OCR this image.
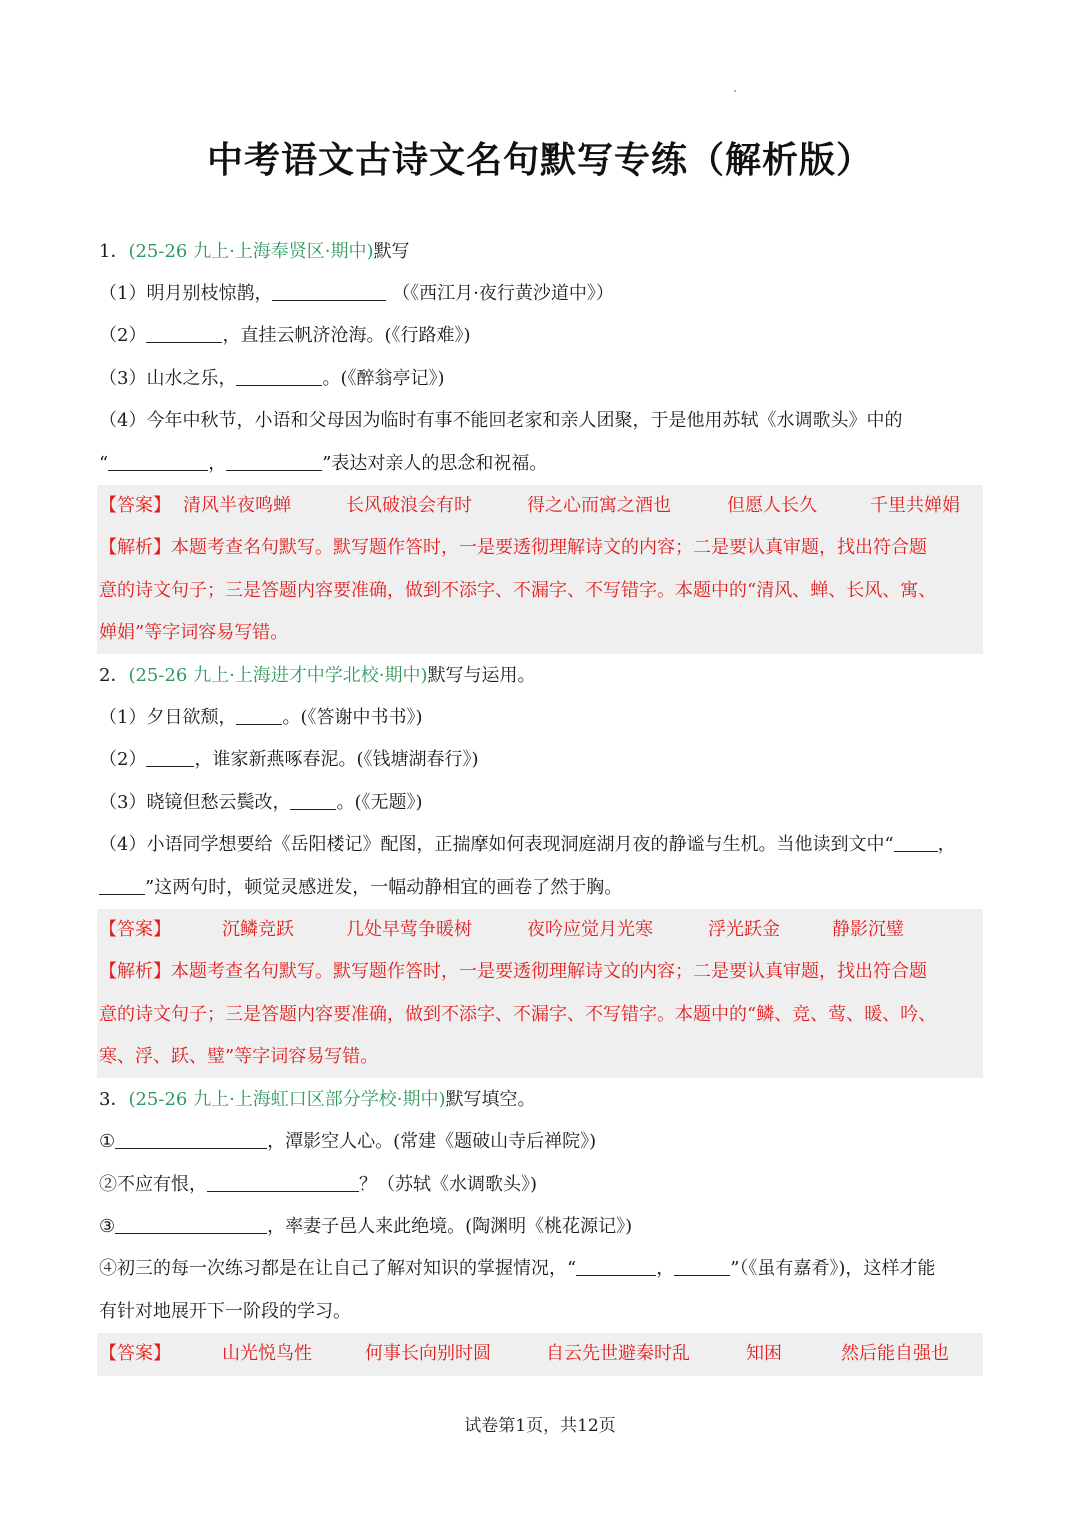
中考语文古诗文名句默写专练（解析版）
1．(25-26 九上·上海奉贤区·期中)默写
（1）明月别枝惊鹊，	（《西江月·夜行黄沙道中》）
（2）	，直挂云帆济沧海。(《行路难》)
（3）山水之乐，	。(《醉翁亭记》)
（4）今年中秋节，小语和父母因为临时有事不能回老家和亲人团聚，于是他用苏轼《水调歌头》中的
“	，	”表达对亲人的思念和祝福。
【答案】 清风半夜鸣蝉	长风破浪会有时	得之心而寓之酒也	但愿人长久	千里共婵娟
【解析】本题考查名句默写。默写题作答时，一是要透彻理解诗文的内容；二是要认真审题，找出符合题
意的诗文句子；三是答题内容要准确，做到不添字、不漏字、不写错字。本题中的“清风、蝉、长风、寓、
婵娟”等字词容易写错。
2．(25-26 九上·上海进才中学北校·期中)默写与运用。
（1）夕日欲颓，	。(《答谢中书书》)
（2）	，谁家新燕啄春泥。(《钱塘湖春行》)
（3）晓镜但愁云鬓改，	。(《无题》)
（4）小语同学想要给《岳阳楼记》配图，正揣摩如何表现洞庭湖月夜的静谧与生机。当他读到文中“ ，
”这两句时，顿觉灵感迸发，一幅动静相宜的画卷了然于胸。
【答案】	沉鳞竞跃	几处早莺争暖树	夜吟应觉月光寒	浮光跃金	静影沉璧
【解析】本题考查名句默写。默写题作答时，一是要透彻理解诗文的内容；二是要认真审题，找出符合题
意的诗文句子；三是答题内容要准确，做到不添字、不漏字、不写错字。本题中的“鳞、竞、莺、暖、吟、
寒、浮、跃、璧”等字词容易写错。
3．(25-26 九上·上海虹口区部分学校·期中)默写填空。
①	，潭影空人心。(常建《题破山寺后禅院》)
②不应有恨，	？（苏轼《水调歌头》)
③	，率妻子邑人来此绝境。(陶渊明《桃花源记》)
④初三的每一次练习都是在让自己了解对知识的掌握情况，“	，	”（《虽有嘉肴》)，这样才能
有针对地展开下一阶段的学习。
【答案】	山光悦鸟性	何事长向别时圆	自云先世避秦时乱	知困	然后能自强也
试卷第1页，共12页
